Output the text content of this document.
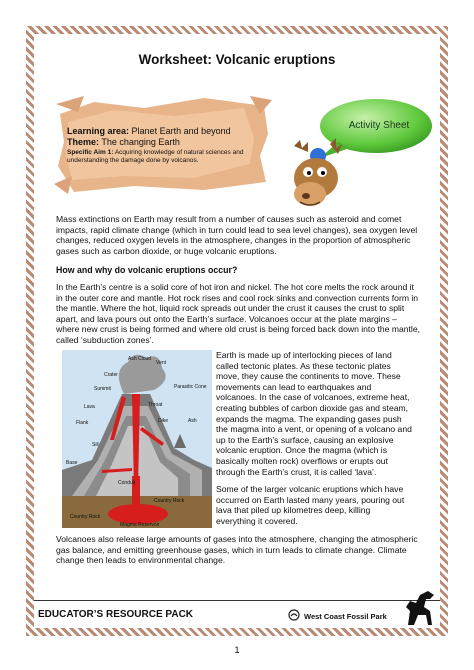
Worksheet: Volcanic eruptions
Learning area: Planet Earth and beyond
Theme: The changing Earth
Specific Aim 1: Acquiring knowledge of natural sciences and understanding the damage done by volcanos.
Activity Sheet

Mass extinctions on Earth may result from a number of causes such as asteroid and comet impacts, rapid climate change (which in turn could lead to sea level changes), sea oxygen level changes, reduced oxygen levels in the atmosphere, changes in the proportion of atmospheric gases such as carbon dioxide, or huge volcanic eruptions.

How and why do volcanic eruptions occur?

In the Earth’s centre is a solid core of hot iron and nickel. The hot core melts the rock around it in the outer core and mantle. Hot rock rises and cool rock sinks and convection currents form in the mantle. Where the hot, liquid rock spreads out under the crust it causes the crust to split apart, and lava pours out onto the Earth’s surface. Volcanoes occur at the plate margins – where new crust is being formed and where old crust is being forced back down into the mantle, called ‘subduction zones’.

Ash Cloud
Vent
Crater
Summit	Parasitic Cone
Lava	Throat
Flank	Dike	Ash
Sill
Base
Conduit
Country Rock
Country Rock
Magma Reservoir

Earth is made up of interlocking pieces of land called tectonic plates. As these tectonic plates move, they cause the continents to move. These movements can lead to earthquakes and volcanoes. In the case of volcanoes, extreme heat, creating bubbles of carbon dioxide gas and steam, expands the magma. The expanding gases push the magma into a vent, or opening of a volcano and up to the Earth’s surface, causing an explosive volcanic eruption. Once the magma (which is basically molten rock) overflows or erupts out through the Earth’s crust, it is called ‘lava’.

Some of the larger volcanic eruptions which have occurred on Earth lasted many years, pouring out lava that piled up kilometres deep, killing everything it covered.

Volcanoes also release large amounts of gases into the atmosphere, changing the atmospheric gas balance, and emitting greenhouse gases, which in turn leads to climate change. Climate change then leads to environmental change.

EDUCATOR’S RESOURCE PACK	West Coast Fossil Park
1
